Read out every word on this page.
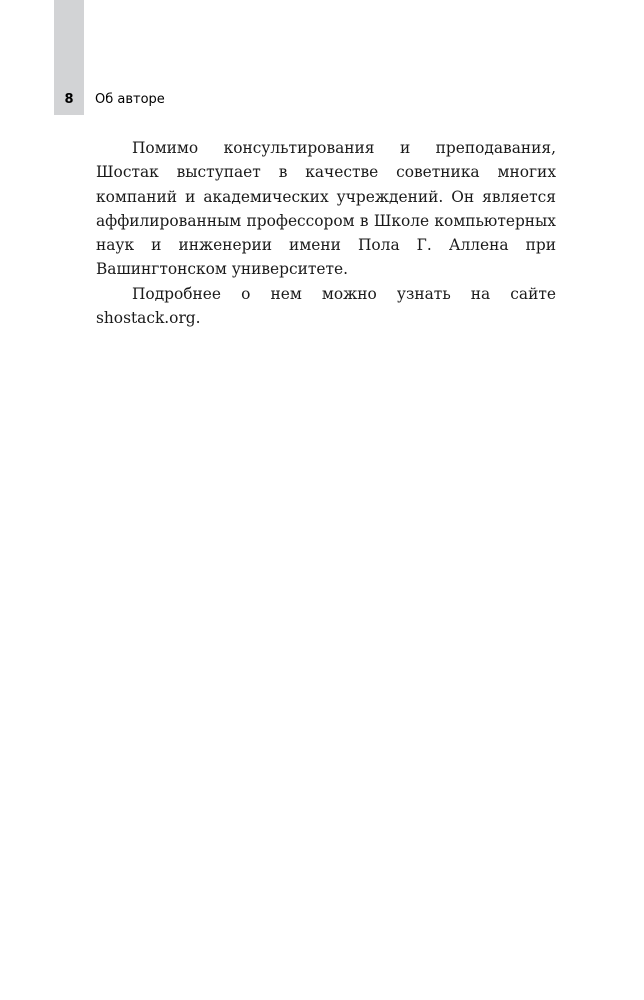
8	Об авторе

Помимо консультирования и преподавания, Шостак выступает в качестве советника многих компаний и академических учреждений. Он является аффилированным профессором в Школе компьютерных наук и инженерии имени Пола Г. Аллена при Вашингтонском университете.

Подробнее о нем можно узнать на сайте shostack.org.
